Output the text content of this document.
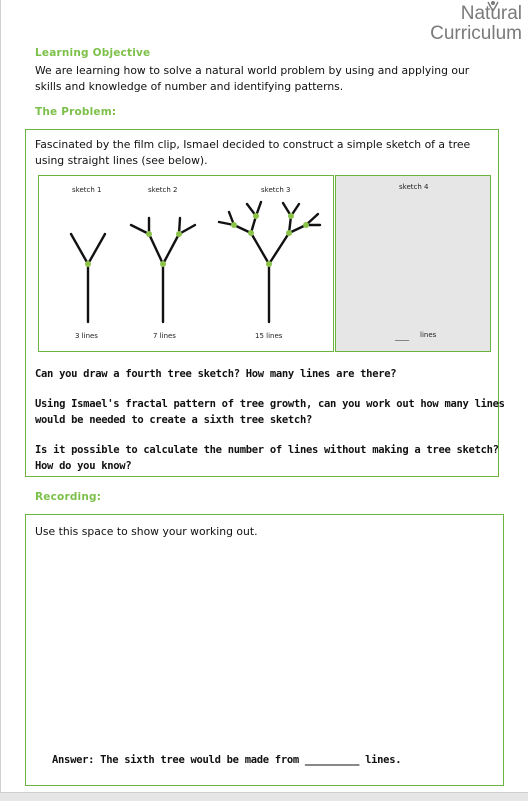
Natural
Curriculum
Learning Objective
We are learning how to solve a natural world problem by using and applying our
skills and knowledge of number and identifying patterns.
The Problem:
Fascinated by the film clip, Ismael decided to construct a simple sketch of a tree
using straight lines (see below).
sketch 1	sketch 2	sketch 3
3 lines	7 lines	15 lines
sketch 4
____ lines
Can you draw a fourth tree sketch? How many lines are there?
Using Ismael's fractal pattern of tree growth, can you work out how many lines
would be needed to create a sixth tree sketch?
Is it possible to calculate the number of lines without making a tree sketch?
How do you know?
Recording:
Use this space to show your working out.
Answer: The sixth tree would be made from _________ lines.
